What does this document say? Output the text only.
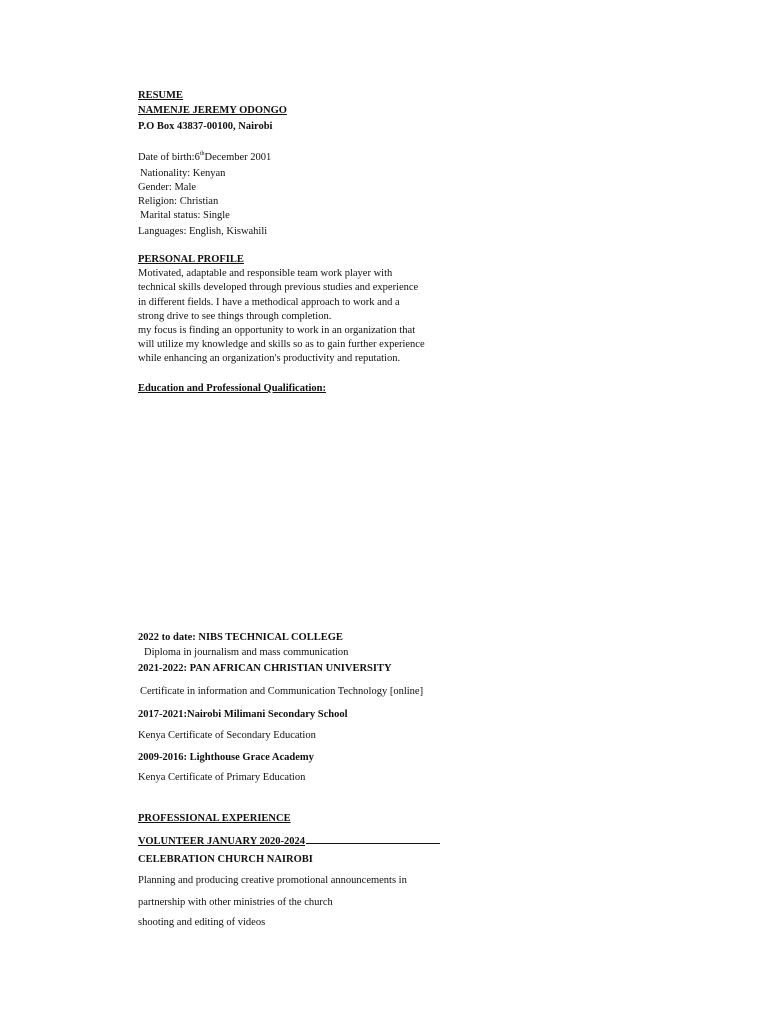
RESUME
NAMENJE JEREMY ODONGO
P.O Box 43837-00100, Nairobi
Date of birth:6thDecember 2001
Nationality: Kenyan
Gender: Male
Religion: Christian
Marital status: Single
Languages: English, Kiswahili
PERSONAL PROFILE
Motivated, adaptable and responsible team work player with
technical skills developed through previous studies and experience
in different fields. I have a methodical approach to work and a
strong drive to see things through completion.
my focus is finding an opportunity to work in an organization that
will utilize my knowledge and skills so as to gain further experience
while enhancing an organization's productivity and reputation.
Education and Professional Qualification:
2022 to date: NIBS TECHNICAL COLLEGE
Diploma in journalism and mass communication
2021-2022: PAN AFRICAN CHRISTIAN UNIVERSITY
Certificate in information and Communication Technology [online]
2017-2021:Nairobi Milimani Secondary School
Kenya Certificate of Secondary Education
2009-2016: Lighthouse Grace Academy
Kenya Certificate of Primary Education
PROFESSIONAL EXPERIENCE
VOLUNTEER JANUARY 2020-2024
CELEBRATION CHURCH NAIROBI
Planning and producing creative promotional announcements in
partnership with other ministries of the church
shooting and editing of videos
